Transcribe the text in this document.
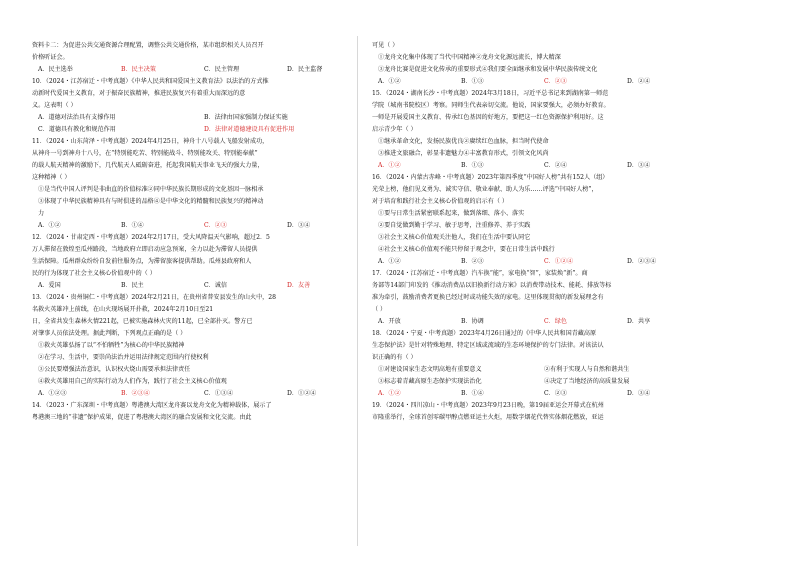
资料卡二：为促进公共交通资源合理配置，调整公共交通价格，某市组织相关人员召开

价格听证会。

A．民主选举	B．民主决策	C．民主管理	D．民主监督

10．（2024・江苏宿迁・中考真题）《中华人民共和国爱国主义教育法》以法治的方式推

动新时代爱国主义教育，对于振奋民族精神，推进民族复兴有着重大而深远的意

义。这表明（ ）

A．道德对法治具有支撑作用	B．法律由国家强制力保证实施

C．道德具有教化和规范作用	D．法律对道德建设具有促进作用

11．（2024・山东菏泽・中考真题）2024年4月25日，神舟十八号载人飞船发射成功，

从神舟一号到神舟十八号，在“特别能吃苦、特别能战斗、特别能攻关、特别能奉献”

的载人航天精神的激励下，几代航天人砥砺奋进，托起我国航天事业飞天的强大力量，

这种精神（ ）

①是当代中国人评判是非曲直的价值标准②同中华民族长期形成的文化基因一脉相承

③体现了中华民族精神具有与时俱进的品格④是中华文化的精髓和民族复兴的精神动

力

A．①②	B．①④	C．②③	D．③④

12．（2024・甘肃定西・中考真题）2024年2月17日，受大风降温天气影响，超过2．5

万人滞留在敦煌至瓜州路段，当地政府立即启动应急预案，全力以赴为滞留人员提供

生活保障。瓜州群众纷纷自发前往服务点，为滞留旅客提供帮助。瓜州县政府和人

民的行为体现了社会主义核心价值观中的（ ）

A．爱国	B．民主	C．诚信	D．友善

13．（2024・贵州铜仁・中考真题）2024年2月21日，在贵州省普安县发生的山火中，28

名救火英雄冲上前线，在山火现场展开扑救，2024年2月10日至21

日，全省共发生森林火情221起，已被实施森林火灾的11起，已全部扑灭。警方已

对肇事人员依法处理。据此判断，下列观点正确的是（ ）

①救火英雄弘扬了以“不怕牺牲”为核心的中华民族精神

②在学习、生活中，要崇尚法治并运用法律规定范围内行使权利

③公民要增强法治意识，认识权火烧山需要承担法律责任

④救火英雄用自己的实际行动为人们作为，践行了社会主义核心价值观

A．①②③	B．②③④	C．①③④	D．①②④

14．（2023・广东深圳・中考真题）粤港澳大湾区龙舟赛以龙舟文化为精神载体，展示了

粤港澳三地的“非遗”保护成果，促进了粤港澳大湾区的融合发展和文化交流。由此

可见（ ）

①龙舟文化集中体现了当代中国精神②龙舟文化源远流长，博大精深

③龙舟比赛是促进文化传承的重要形式④我们要全面继承和发展中华民族传统文化

A．①②	B．①③	C．②③	D．②④

15．（2024・湖南长沙・中考真题）2024年3月18日，习近平总书记来到湖南第一师范

学院（城南书院校区）考察。同师生代表亲切交流。他说，国家要强大，必须办好教育。

一师是开展爱国主义教育、传承红色基因的好地方，要把这一红色资源保护利用好。这

启示青少年（ ）

①继承革命文化，发扬民族优良②赓续红色血脉，担当时代使命

③推进文旅融合，彰显非遗魅力④丰富教育形式，引领文化风尚

A．①②	B．①③	C．②④	D．③④

16．（2024・内蒙古赤峰・中考真题）2023年第四季度“中国好人榜”共有152人（组）

光荣上榜，他们见义勇为、诚实守信、敬业奉献、助人为乐……评选“中国好人榜”，

对于培育和践行社会主义核心价值观的启示有（ ）

①要与日常生活紧密联系起来，做到落细、落小、落实

②要自觉做到勤于学习、敏于思考，注重修养、养于实践

③社会主义核心价值观关注他人，我们在生活中要认同它

④社会主义核心价值观不能只停留于观念中，要在日常生活中践行

A．①②	B．②③	C．①②④	D．②③④

17．（2024・江苏宿迁・中考真题）汽车换“能”，家电换“智”，家装焕“新”。商

务部等14部门印发的《推动消费品以旧换新行动方案》以消费带动技术、能耗、排放等标

准为牵引，鼓励消费者更换已经过时或功能失效的家电。这里体现贯彻的新发展理念有

（ ）

A．开放	B．协调	C．绿色	D．共享

18．（2024・宁夏・中考真题）2023年4月26日通过的《中华人民共和国青藏高原

生态保护法》是针对特殊地理、特定区域或流域的生态环境保护的专门法律。对该法认

识正确的有（ ）

①对建设国家生态文明高地有重要意义	②有利于实现人与自然和谐共生

③标志着青藏高原生态保护实现法治化	④决定了当地经济的高质量发展

A．①②	B．①④	C．②③	D．③④

19．（2024・四川凉山・中考真题）2023年9月23日晚，第19届亚运会开幕式在杭州

市隆重举行，全球首创零碳甲醇点燃亚运主火炬，用数字烟花代替实体烟花燃放，亚运
